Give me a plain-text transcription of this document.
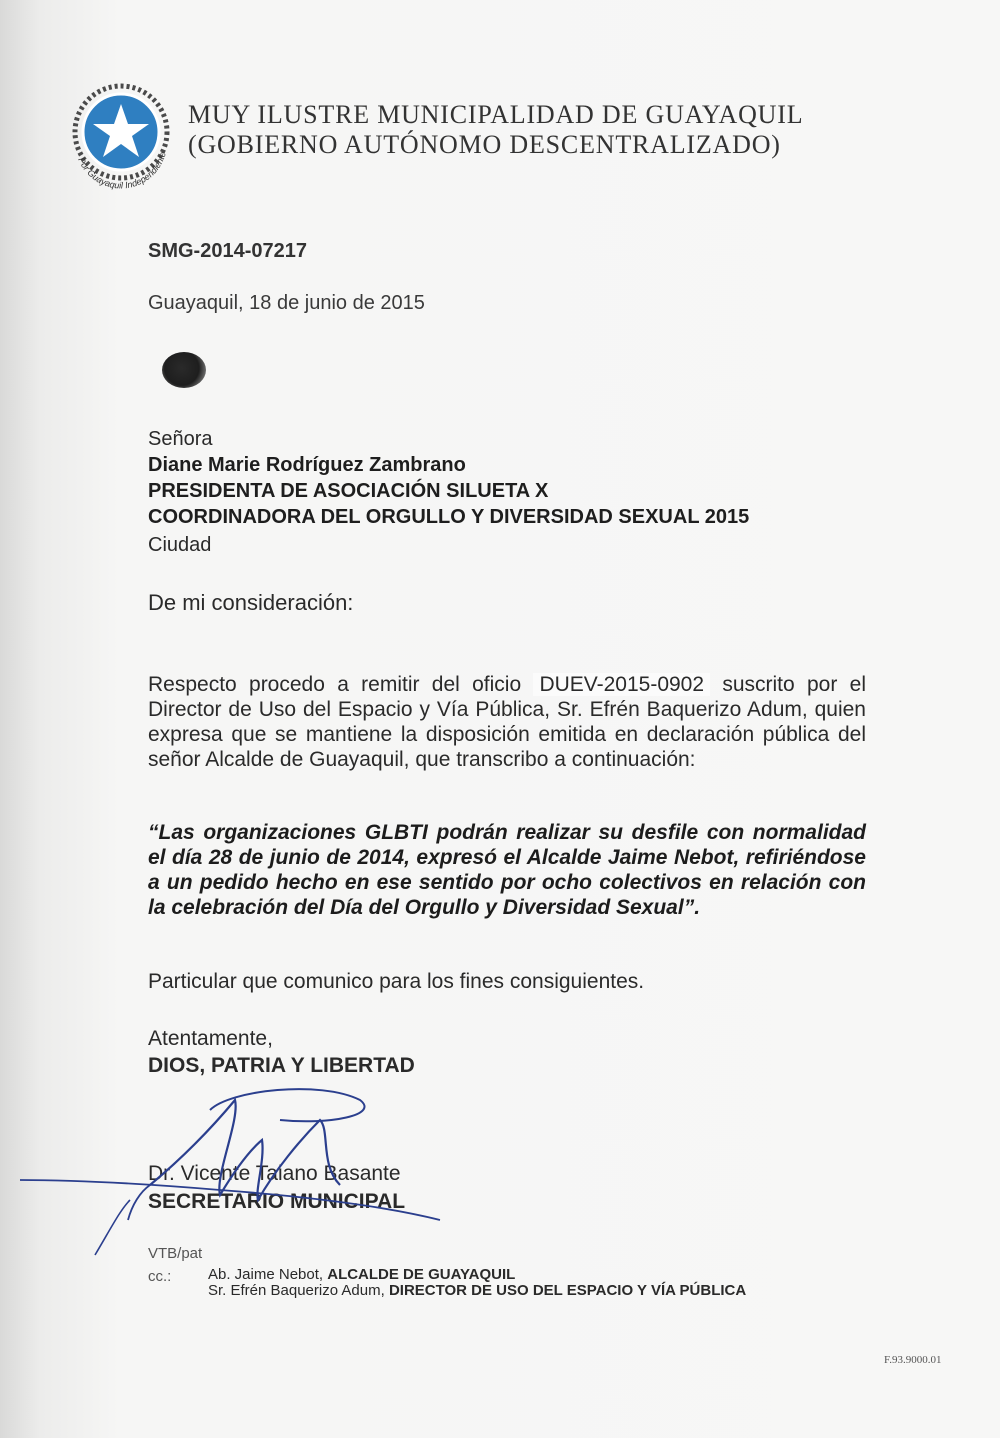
Por Guayaquil Independiente
MUY ILUSTRE MUNICIPALIDAD DE GUAYAQUIL
(GOBIERNO AUTÓNOMO DESCENTRALIZADO)
SMG-2014-07217
Guayaquil, 18 de junio de 2015
Señora
Diane Marie Rodríguez Zambrano
PRESIDENTA DE ASOCIACIÓN SILUETA X
COORDINADORA DEL ORGULLO Y DIVERSIDAD SEXUAL 2015
Ciudad
De mi consideración:
Respecto procedo a remitir del oficio DUEV-2015-0902 suscrito por el Director de Uso del Espacio y Vía Pública, Sr. Efrén Baquerizo Adum, quien expresa que se mantiene la disposición emitida en declaración pública del señor Alcalde de Guayaquil, que transcribo a continuación:
“Las organizaciones GLBTI podrán realizar su desfile con normalidad el día 28 de junio de 2014, expresó el Alcalde Jaime Nebot, refiriéndose a un pedido hecho en ese sentido por ocho colectivos en relación con la celebración del Día del Orgullo y Diversidad Sexual”.
Particular que comunico para los fines consiguientes.
Atentamente,
DIOS, PATRIA Y LIBERTAD
Dr. Vicente Taiano Basante
SECRETARIO MUNICIPAL
VTB/pat
cc.: Ab. Jaime Nebot, ALCALDE DE GUAYAQUIL
Sr. Efrén Baquerizo Adum, DIRECTOR DE USO DEL ESPACIO Y VÍA PÚBLICA
F.93.9000.01
